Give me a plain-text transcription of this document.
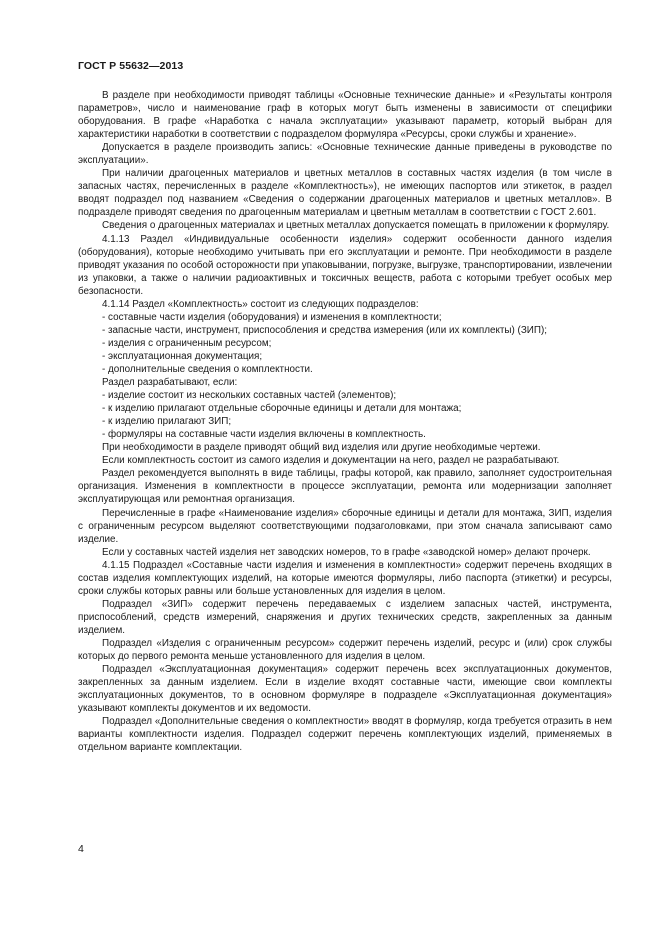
ГОСТ Р 55632—2013

В разделе при необходимости приводят таблицы «Основные технические данные» и «Результаты контроля параметров», число и наименование граф в которых могут быть изменены в зависимости от специфики оборудования. В графе «Наработка с начала эксплуатации» указывают параметр, который выбран для характеристики наработки в соответствии с подразделом формуляра «Ресурсы, сроки службы и хранение».

Допускается в разделе производить запись: «Основные технические данные приведены в руководстве по эксплуатации».

При наличии драгоценных материалов и цветных металлов в составных частях изделия (в том числе в запасных частях, перечисленных в разделе «Комплектность»), не имеющих паспортов или этикеток, в раздел вводят подраздел под названием «Сведения о содержании драгоценных материалов и цветных металлов». В подразделе приводят сведения по драгоценным материалам и цветным металлам в соответствии с ГОСТ 2.601.

Сведения о драгоценных материалах и цветных металлах допускается помещать в приложении к формуляру.

4.1.13 Раздел «Индивидуальные особенности изделия» содержит особенности данного изделия (оборудования), которые необходимо учитывать при его эксплуатации и ремонте. При необходимости в разделе приводят указания по особой осторожности при упаковывании, погрузке, выгрузке, транспортировании, извлечении из упаковки, а также о наличии радиоактивных и токсичных веществ, работа с которыми требует особых мер безопасности.

4.1.14 Раздел «Комплектность» состоит из следующих подразделов:

- составные части изделия (оборудования) и изменения в комплектности;

- запасные части, инструмент, приспособления и средства измерения (или их комплекты) (ЗИП);

- изделия с ограниченным ресурсом;

- эксплуатационная документация;

- дополнительные сведения о комплектности.

Раздел разрабатывают, если:

- изделие состоит из нескольких составных частей (элементов);

- к изделию прилагают отдельные сборочные единицы и детали для монтажа;

- к изделию прилагают ЗИП;

- формуляры на составные части изделия включены в комплектность.

При необходимости в разделе приводят общий вид изделия или другие необходимые чертежи.

Если комплектность состоит из самого изделия и документации на него, раздел не разрабатывают.

Раздел рекомендуется выполнять в виде таблицы, графы которой, как правило, заполняет судостроительная организация. Изменения в комплектности в процессе эксплуатации, ремонта или модернизации заполняет эксплуатирующая или ремонтная организация.

Перечисленные в графе «Наименование изделия» сборочные единицы и детали для монтажа, ЗИП, изделия с ограниченным ресурсом выделяют соответствующими подзаголовками, при этом сначала записывают само изделие.

Если у составных частей изделия нет заводских номеров, то в графе «заводской номер» делают прочерк.

4.1.15 Подраздел «Составные части изделия и изменения в комплектности» содержит перечень входящих в состав изделия комплектующих изделий, на которые имеются формуляры, либо паспорта (этикетки) и ресурсы, сроки службы которых равны или больше установленных для изделия в целом.

Подраздел «ЗИП» содержит перечень передаваемых с изделием запасных частей, инструмента, приспособлений, средств измерений, снаряжения и других технических средств, закрепленных за данным изделием.

Подраздел «Изделия с ограниченным ресурсом» содержит перечень изделий, ресурс и (или) срок службы которых до первого ремонта меньше установленного для изделия в целом.

Подраздел «Эксплуатационная документация» содержит перечень всех эксплуатационных документов, закрепленных за данным изделием. Если в изделие входят составные части, имеющие свои комплекты эксплуатационных документов, то в основном формуляре в подразделе «Эксплуатационная документация» указывают комплекты документов и их ведомости.

Подраздел «Дополнительные сведения о комплектности» вводят в формуляр, когда требуется отразить в нем варианты комплектности изделия. Подраздел содержит перечень комплектующих изделий, применяемых в отдельном варианте комплектации.

4
